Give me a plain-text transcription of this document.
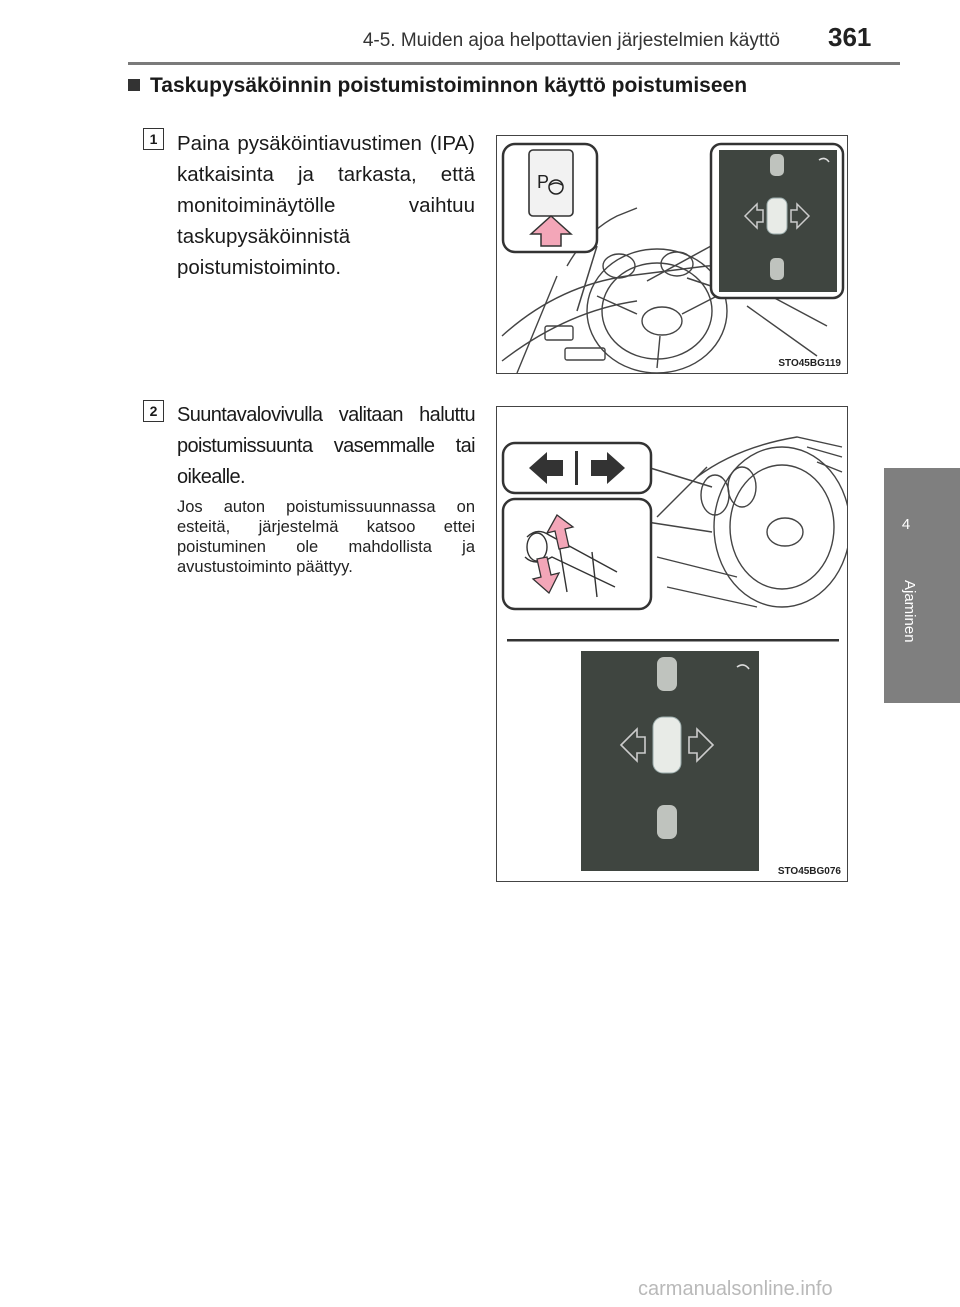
4-5. Muiden ajoa helpottavien järjestelmien käyttö 361
4
Ajaminen
Taskupysäköinnin poistumistoiminnon käyttö poistumiseen
1 Paina pysäköintiavustimen (IPA) katkaisinta ja tarkasta, että monitoiminäytölle vaihtuu taskupysäköinnistä poistumistoiminto.
P
STO45BG119
2 Suuntavalovivulla valitaan haluttu poistumissuunta vasemmalle tai oikealle.
Jos auton poistumissuunnassa on esteitä, järjestelmä katsoo ettei poistuminen ole mahdollista ja avustustoiminto päättyy.
STO45BG076
carmanualsonline.info
